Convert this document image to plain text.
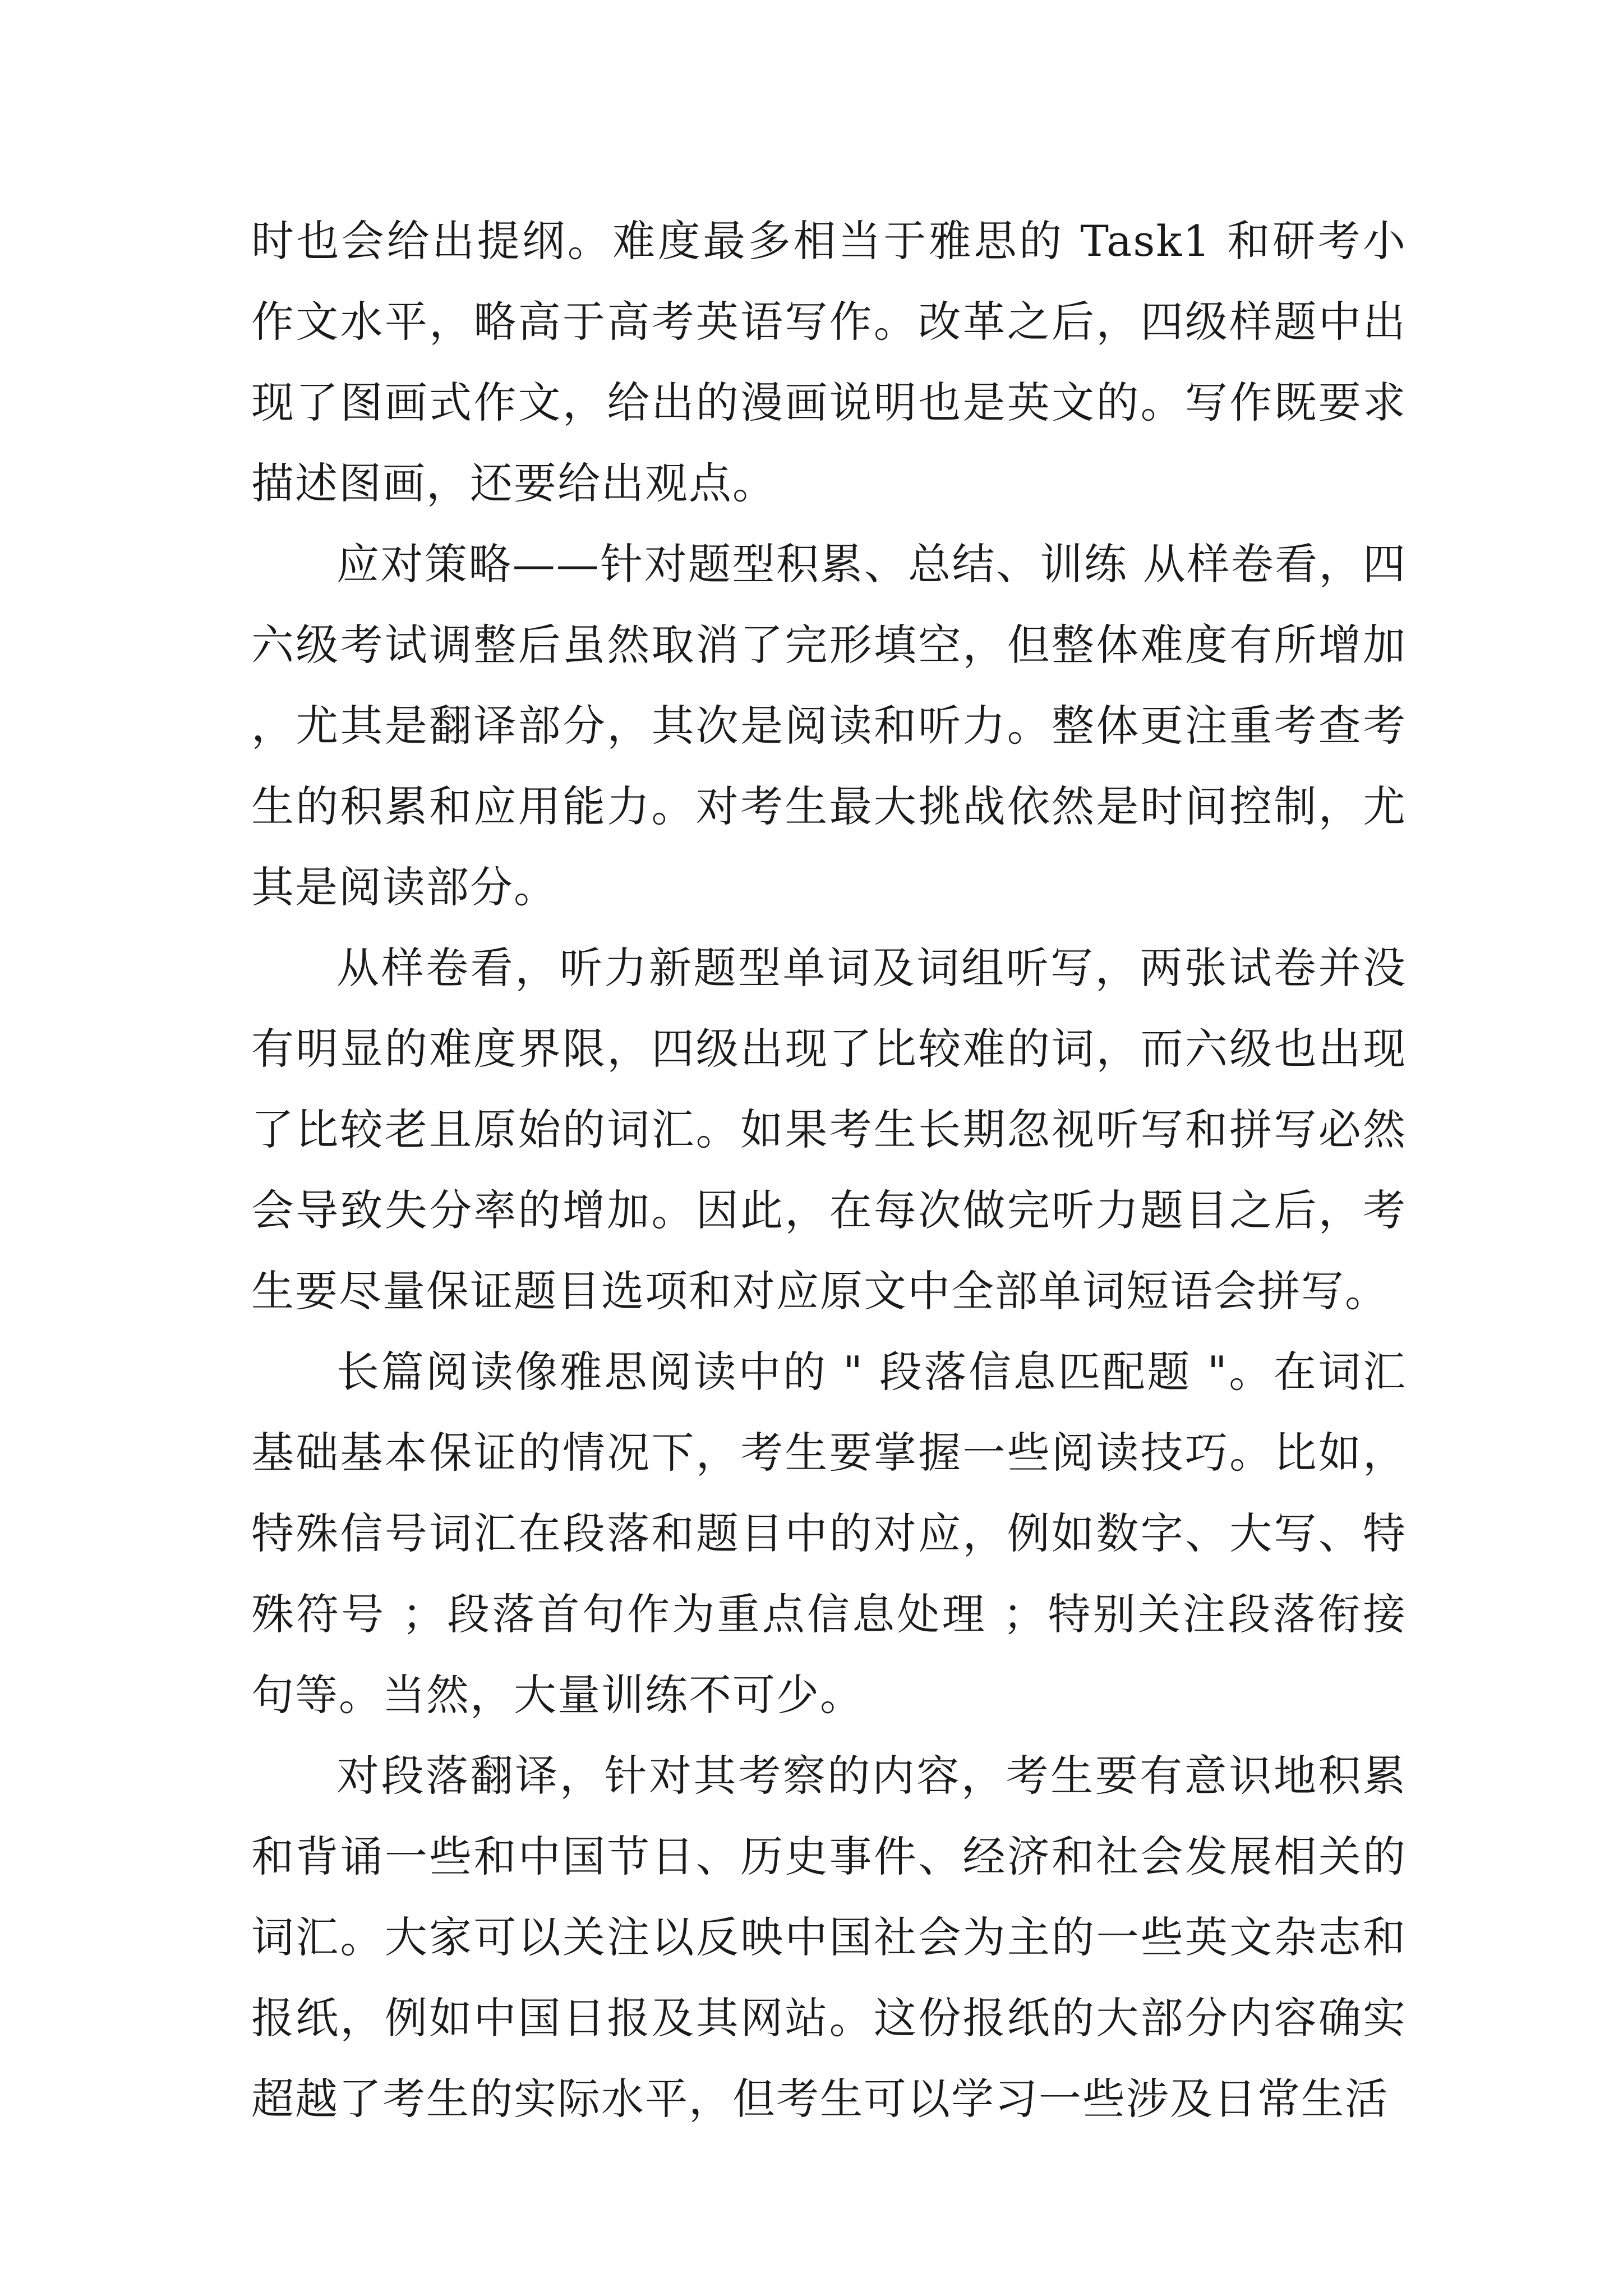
时也会给出提纲。难度最多相当于雅思的 Task1 和研考小作文水平，略高于高考英语写作。改革之后，四级样题中出现了图画式作文，给出的漫画说明也是英文的。写作既要求描述图画，还要给出观点。

应对策略——针对题型积累、总结、训练 从样卷看，四六级考试调整后虽然取消了完形填空，但整体难度有所增加，尤其是翻译部分，其次是阅读和听力。整体更注重考查考生的积累和应用能力。对考生最大挑战依然是时间控制，尤其是阅读部分。

从样卷看，听力新题型单词及词组听写，两张试卷并没有明显的难度界限，四级出现了比较难的词，而六级也出现了比较老且原始的词汇。如果考生长期忽视听写和拼写必然会导致失分率的增加。因此，在每次做完听力题目之后，考生要尽量保证题目选项和对应原文中全部单词短语会拼写。

长篇阅读像雅思阅读中的 " 段落信息匹配题 "。在词汇基础基本保证的情况下，考生要掌握一些阅读技巧。比如，特殊信号词汇在段落和题目中的对应，例如数字、大写、特殊符号 ；段落首句作为重点信息处理 ；特别关注段落衔接句等。当然，大量训练不可少。

对段落翻译，针对其考察的内容，考生要有意识地积累和背诵一些和中国节日、历史事件、经济和社会发展相关的词汇。大家可以关注以反映中国社会为主的一些英文杂志和报纸，例如中国日报及其网站。这份报纸的大部分内容确实超越了考生的实际水平，但考生可以学习一些涉及日常生活
